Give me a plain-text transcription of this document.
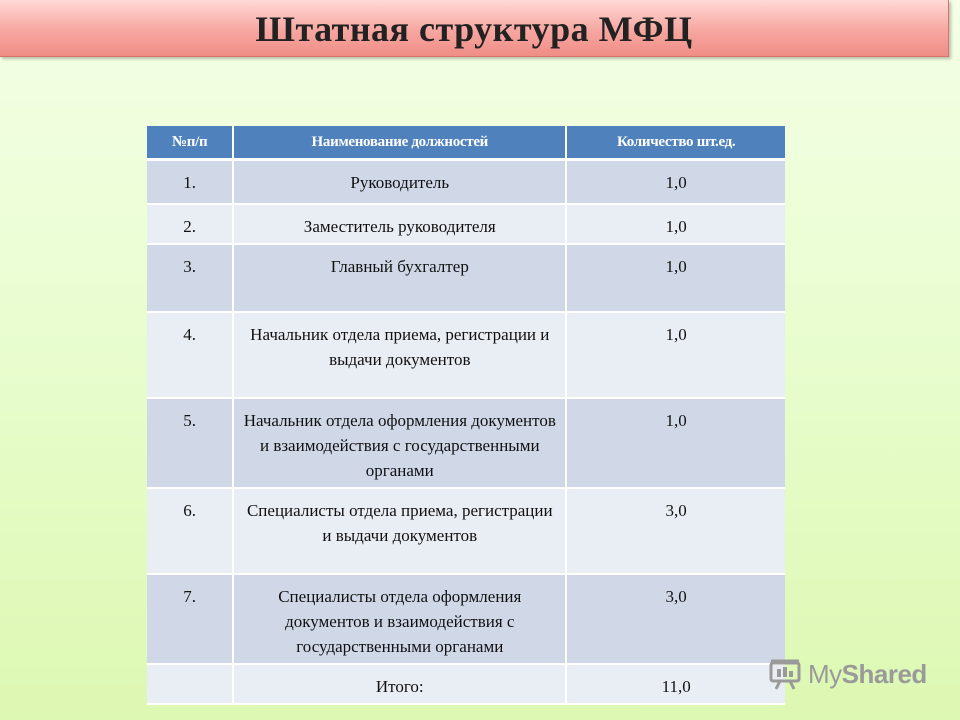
Штатная структура МФЦ
№п/п	Наименование должностей	Количество шт.ед.
1.	Руководитель	1,0
2.	Заместитель руководителя	1,0
3.	Главный бухгалтер	1,0
4.	Начальник отдела приема, регистрации и выдачи документов	1,0
5.	Начальник отдела оформления документов и взаимодействия с государственными органами	1,0
6.	Специалисты отдела приема, регистрации и выдачи документов	3,0
7.	Специалисты отдела оформления документов и взаимодействия с государственными органами	3,0
	Итого:	11,0	MyShared
